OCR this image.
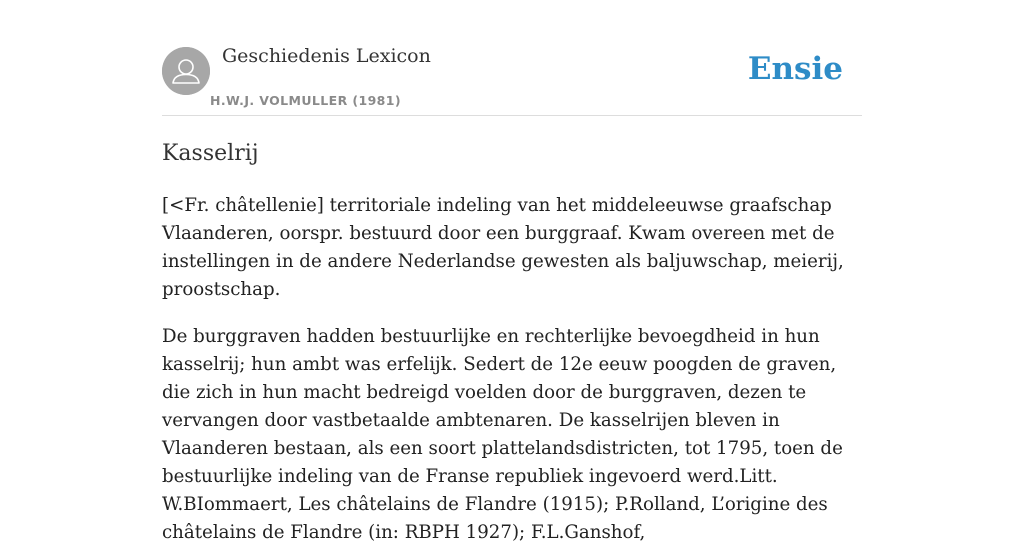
Geschiedenis Lexicon
H.W.J. VOLMULLER (1981)
Ensie
Kasselrij

[<Fr. châtellenie] territoriale indeling van het middeleeuwse graafschap Vlaanderen, oorspr. bestuurd door een burggraaf. Kwam overeen met de instellingen in de andere Nederlandse gewesten als baljuwschap, meierij, proostschap.

De burggraven hadden bestuurlijke en rechterlijke bevoegdheid in hun kasselrij; hun ambt was erfelijk. Sedert de 12e eeuw poogden de graven, die zich in hun macht bedreigd voelden door de burggraven, dezen te vervangen door vastbetaalde ambtenaren. De kasselrijen bleven in Vlaanderen bestaan, als een soort plattelandsdistricten, tot 1795, toen de bestuurlijke indeling van de Franse republiek ingevoerd werd.Litt. W.BIommaert, Les châtelains de Flandre (1915); P.Rolland, L’origine des châtelains de Flandre (in: RBPH 1927); F.L.Ganshof,
